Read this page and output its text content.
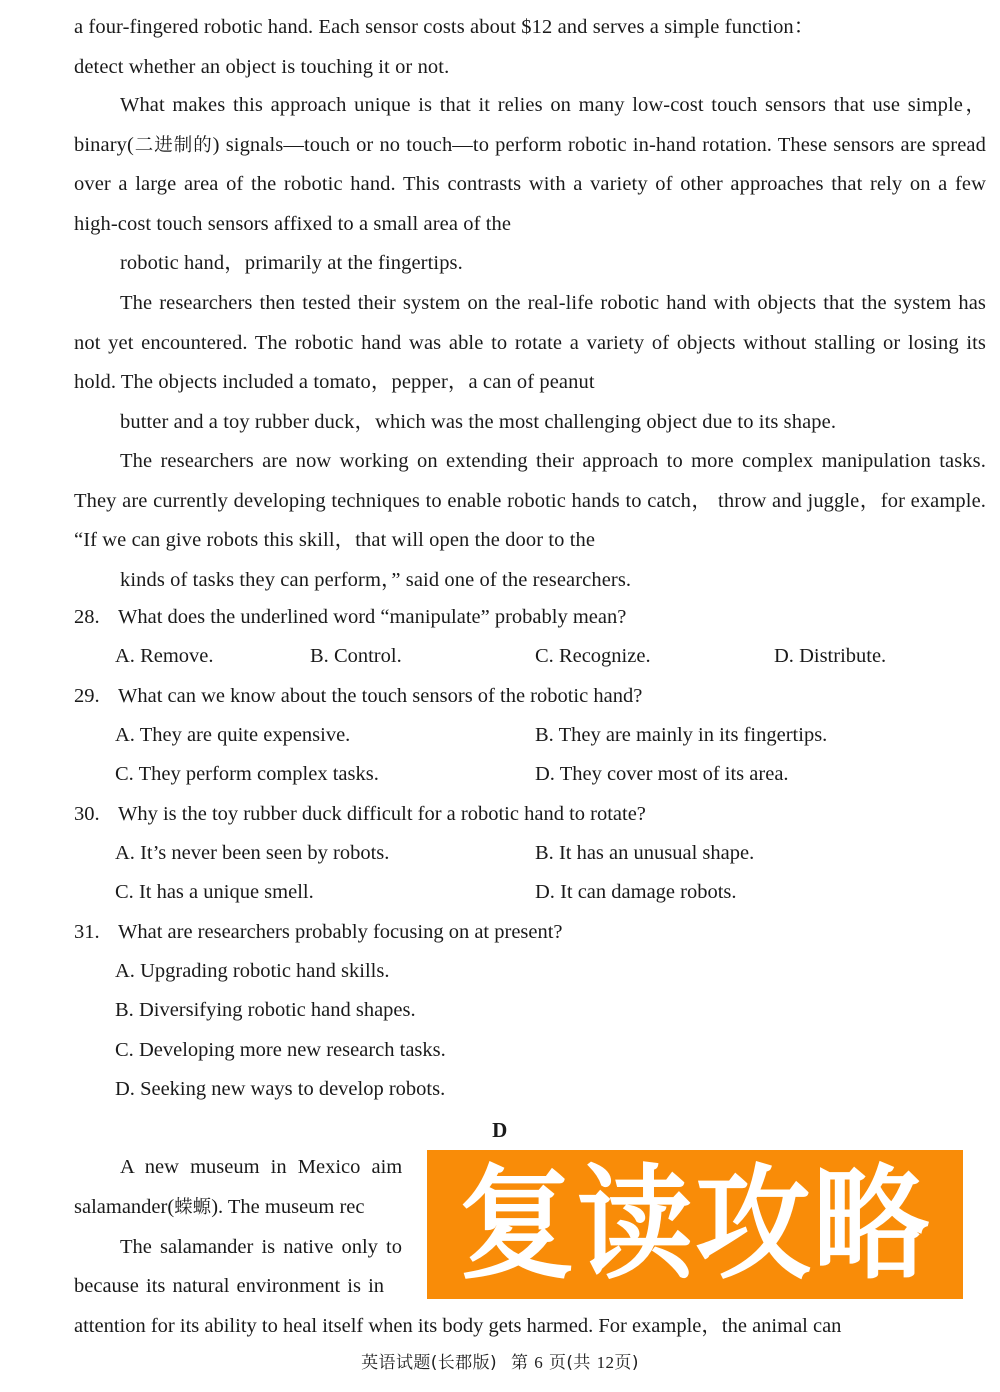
a four-fingered robotic hand. Each sensor costs about $12 and serves a simple function：

detect whether an object is touching it or not.
What makes this approach unique is that it relies on many low-cost touch sensors that use simple，binary(二进制的) signals—touch or no touch—to perform robotic in-hand rotation. These sensors are spread over a large area of the robotic hand. This contrasts with a variety of other approaches that rely on a few high-cost touch sensors affixed to a small area of the
robotic hand，primarily at the fingertips.
The researchers then tested their system on the real-life robotic hand with objects that the system has not yet encountered. The robotic hand was able to rotate a variety of objects without stalling or losing its hold. The objects included a tomato，pepper，a can of peanut
butter and a toy rubber duck，which was the most challenging object due to its shape.
The researchers are now working on extending their approach to more complex manipulation tasks. They are currently developing techniques to enable robotic hands to catch， throw and juggle，for example. “If we can give robots this skill，that will open the door to the
kinds of tasks they can perform，” said one of the researchers.
28. What does the underlined word “manipulate” probably mean?
A. Remove.	B. Control.	C. Recognize.	D. Distribute.
29. What can we know about the touch sensors of the robotic hand?
A. They are quite expensive.	B. They are mainly in its fingertips.
C. They perform complex tasks.	D. They cover most of its area.
30. Why is the toy rubber duck difficult for a robotic hand to rotate?
A. It’s never been seen by robots.	B. It has an unusual shape.
C. It has a unique smell.	D. It can damage robots.
31. What are researchers probably focusing on at present?
A. Upgrading robotic hand skills.
B. Diversifying robotic hand shapes.
C. Developing more new research tasks.
D. Seeking new ways to develop robots.
D
A new museum in Mexico aim
salamander(蝾螈). The museum rec
The salamander is native only to
because its natural environment is in
attention for its ability to heal itself when its body gets harmed. For example，the animal can
复读攻略
英语试题(长郡版) 第 6 页(共 12页)
